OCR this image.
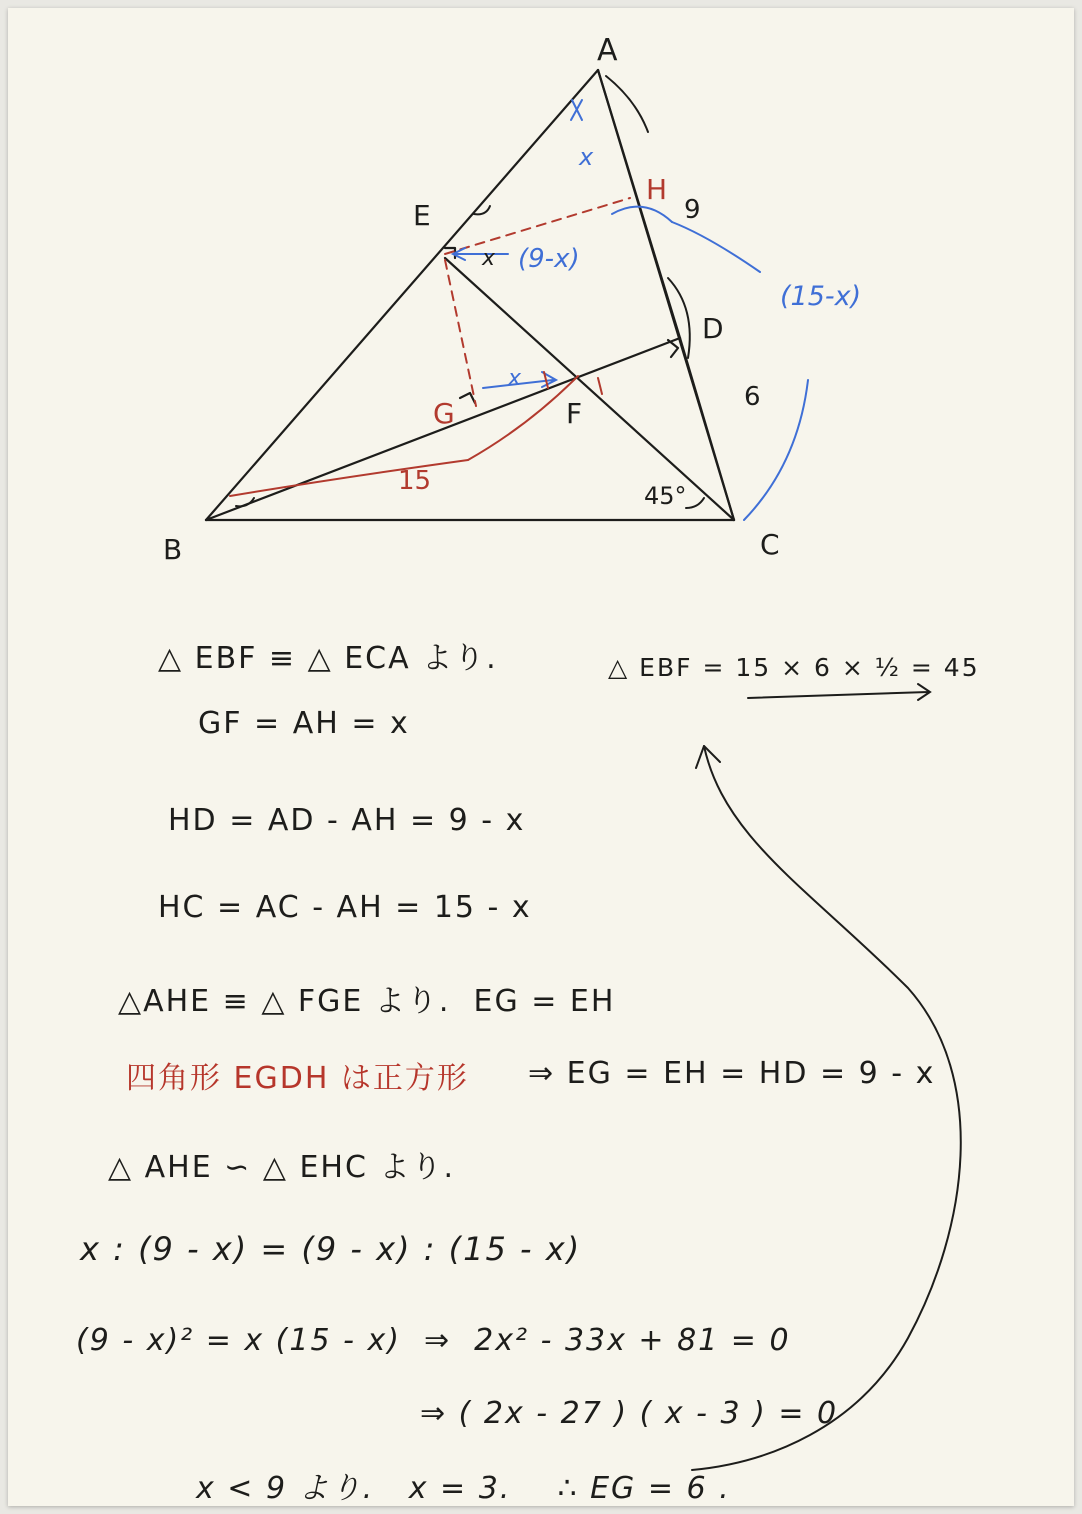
A
E
H
D
G	F
B	C
x
9
(9-x)
x
(15-x)
6
x
15	45°
△ EBF ≡ △ ECA より.	△ EBF = 15 × 6 × ½ = 45
GF = AH = x
HD = AD - AH = 9 - x
HC = AC - AH = 15 - x
△AHE ≡ △ FGE より.  EG = EH
四角形 EGDH は正方形 ⇒ EG = EH = HD = 9 - x
△ AHE ∽ △ EHC より.
x : (9 - x) = (9 - x) : (15 - x)
(9 - x)² = x (15 - x)  ⇒  2x² - 33x + 81 = 0
⇒ ( 2x - 27 ) ( x - 3 ) = 0
x < 9 より.   x = 3.    ∴ EG = 6 .
